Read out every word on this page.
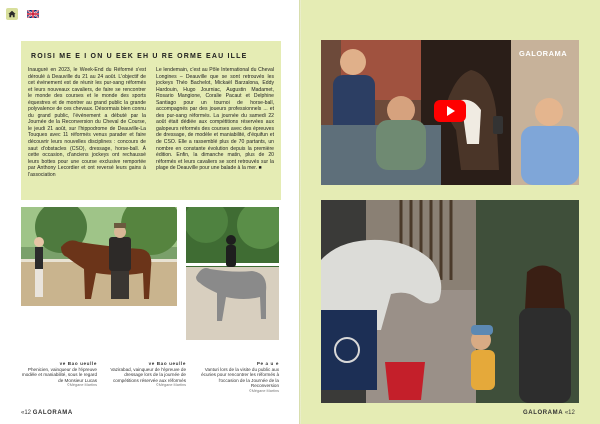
ROISI ME É I ON U EEK EH U RÉ ORMÉ EAU ILLE
Inauguré en 2023, le Week-End du Réformé s'est déroulé à Deauville du 21 au 24 août. L'objectif de cet événement est de réunir les pur-sang réformés et leurs nouveaux cavaliers, de faire se rencontrer le monde des courses et le monde des sports équestres et de montrer au grand public la grande polyvalence de ces chevaux. Désormais bien connu du grand public, l'événement a débuté par la Journée de la Reconversion du Cheval de Course, le jeudi 21 août, sur l'hippodrome de Deauville-La Touques avec 11 réformés venus parader et faire découvrir leurs nouvelles disciplines : concours de saut d'obstacles (CSO), dressage, horse-ball. À cette occasion, d'anciens jockeys ont rechaussé leurs bottes pour une course exclusive remportée par Anthony Lecordier et ont reversé leurs gains à l'association
Le lendemain, c'est au Pôle International du Cheval Longines – Deauville que se sont retrouvés les jockeys Théo Bachelot, Mickaël Barzalona, Eddy Hardouin, Hugo Journiac, Augustin Madamet, Rosario Mangione, Coralie Pacaut et Delphine Santiago pour un tournoi de horse-ball, accompagnés par des joueurs professionnels ... et des pur-sang réformés. La journée du samedi 22 août était dédiée aux compétitions réservées aux galopeurs réformés des courses avec des épreuves de dressage, de modèle et maniabilité, d'équifun et de CSO. Elle a rassemblé plus de 70 partants, un nombre en constante évolution depuis la première édition. Enfin, la dimanche matin, plus de 20 réformés et leurs cavaliers se sont retrouvés sur la plage de Deauville pour une balade à la mer. ■
ve Bao ueulle
Phenicien, vainqueur de l'épreuve modèle et maniabilité, sous le regard de Monsieur Lucas
©Mégane Martins
ve Bao ueulle
Vazirabad, vainqueur de l'épreuve de dressage lors de la journée de compétitions réservée aux réformés
©Mégane Martins
Pe a u e
Vanturi lors de la visite du public aux écuries pour rencontrer les réformés à l'occasion de la Journée de la Reconversion
©Mégane Martins
GALORAMA
«12 GALORAMA	GALORAMA «12
